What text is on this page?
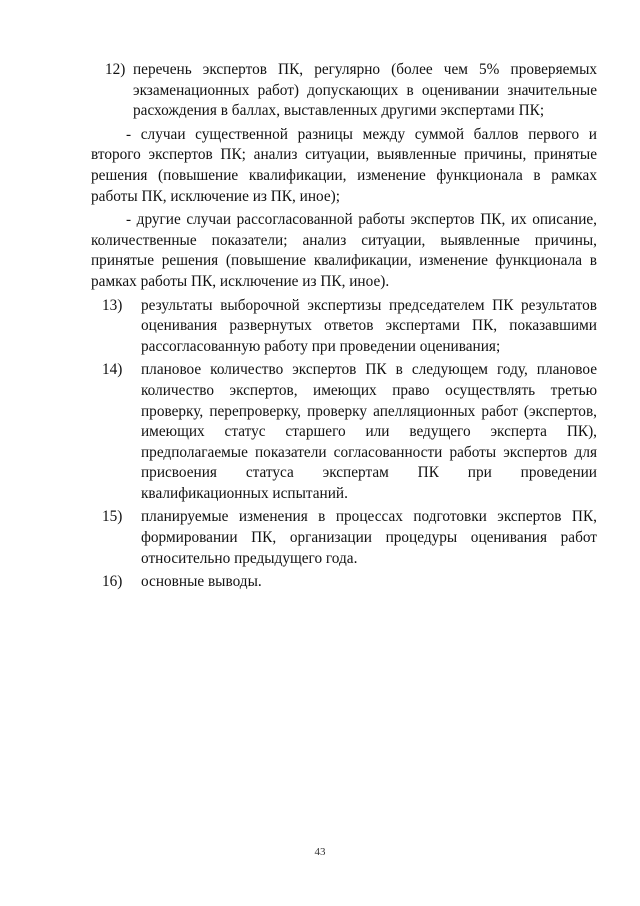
12) перечень экспертов ПК, регулярно (более чем 5% проверяемых экзаменационных работ) допускающих в оценивании значительные расхождения в баллах, выставленных другими экспертами ПК;

- случаи существенной разницы между суммой баллов первого и второго экспертов ПК; анализ ситуации, выявленные причины, принятые решения (повышение квалификации, изменение функционала в рамках работы ПК, исключение из ПК, иное);

- другие случаи рассогласованной работы экспертов ПК, их описание, количественные показатели; анализ ситуации, выявленные причины, принятые решения (повышение квалификации, изменение функционала в рамках работы ПК, исключение из ПК, иное).

13) результаты выборочной экспертизы председателем ПК результатов оценивания развернутых ответов экспертами ПК, показавшими рассогласованную работу при проведении оценивания;
14) плановое количество экспертов ПК в следующем году, плановое количество экспертов, имеющих право осуществлять третью проверку, перепроверку, проверку апелляционных работ (экспертов, имеющих статус старшего или ведущего эксперта ПК), предполагаемые показатели согласованности работы экспертов для присвоения статуса экспертам ПК при проведении квалификационных испытаний.
15) планируемые изменения в процессах подготовки экспертов ПК, формировании ПК, организации процедуры оценивания работ относительно предыдущего года.
16) основные выводы.
43
